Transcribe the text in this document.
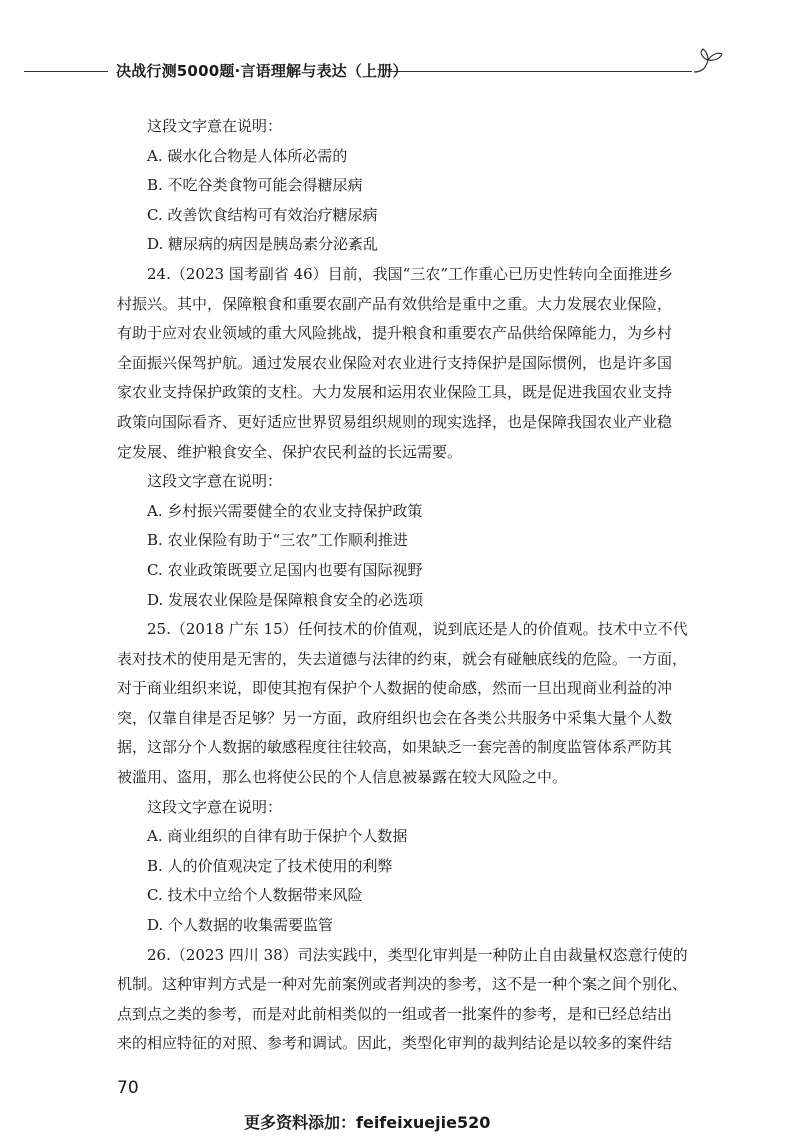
决战行测5000题·言语理解与表达（上册）
这段文字意在说明：
A. 碳水化合物是人体所必需的
B. 不吃谷类食物可能会得糖尿病
C. 改善饮食结构可有效治疗糖尿病
D. 糖尿病的病因是胰岛素分泌紊乱
24.（2023 国考副省 46）目前，我国“三农”工作重心已历史性转向全面推进乡
村振兴。其中，保障粮食和重要农副产品有效供给是重中之重。大力发展农业保险，
有助于应对农业领域的重大风险挑战，提升粮食和重要农产品供给保障能力，为乡村
全面振兴保驾护航。通过发展农业保险对农业进行支持保护是国际惯例，也是许多国
家农业支持保护政策的支柱。大力发展和运用农业保险工具，既是促进我国农业支持
政策向国际看齐、更好适应世界贸易组织规则的现实选择，也是保障我国农业产业稳
定发展、维护粮食安全、保护农民利益的长远需要。
这段文字意在说明：
A. 乡村振兴需要健全的农业支持保护政策
B. 农业保险有助于“三农”工作顺利推进
C. 农业政策既要立足国内也要有国际视野
D. 发展农业保险是保障粮食安全的必选项
25.（2018 广东 15）任何技术的价值观，说到底还是人的价值观。技术中立不代
表对技术的使用是无害的，失去道德与法律的约束，就会有碰触底线的危险。一方面，
对于商业组织来说，即使其抱有保护个人数据的使命感，然而一旦出现商业利益的冲
突，仅靠自律是否足够？另一方面，政府组织也会在各类公共服务中采集大量个人数
据，这部分个人数据的敏感程度往往较高，如果缺乏一套完善的制度监管体系严防其
被滥用、盗用，那么也将使公民的个人信息被暴露在较大风险之中。
这段文字意在说明：
A. 商业组织的自律有助于保护个人数据
B. 人的价值观决定了技术使用的利弊
C. 技术中立给个人数据带来风险
D. 个人数据的收集需要监管
26.（2023 四川 38）司法实践中，类型化审判是一种防止自由裁量权恣意行使的
机制。这种审判方式是一种对先前案例或者判决的参考，这不是一种个案之间个别化、
点到点之类的参考，而是对此前相类似的一组或者一批案件的参考，是和已经总结出
来的相应特征的对照、参考和调试。因此，类型化审判的裁判结论是以较多的案件结
70
更多资料添加：feifeixuejie520
